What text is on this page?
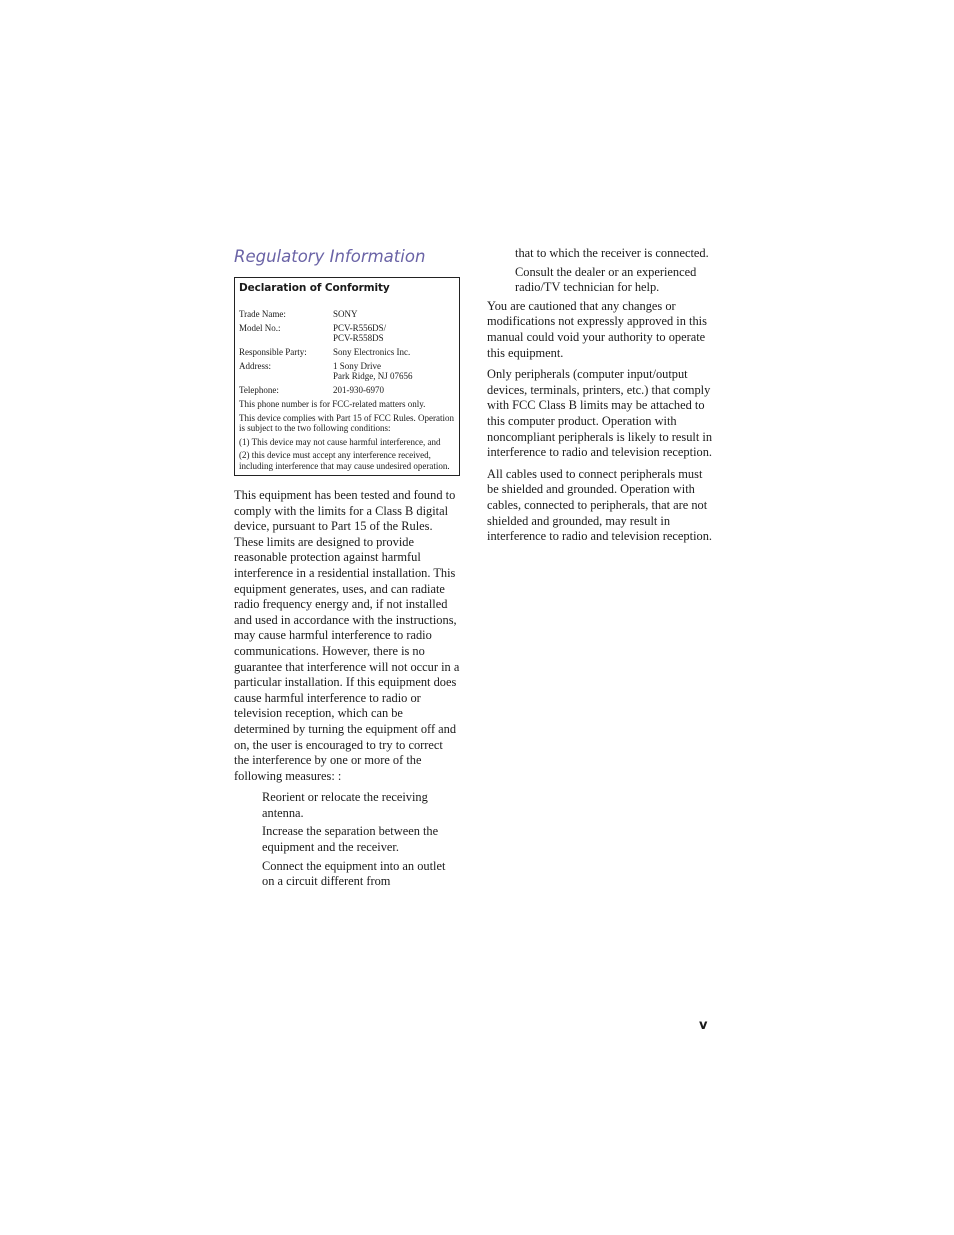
Regulatory Information
Declaration of Conformity
Trade Name:	SONY
Model No.:	PCV-R556DS/
PCV-R558DS
Responsible Party:	Sony Electronics Inc.
Address:	1 Sony Drive
Park Ridge, NJ 07656
Telephone:	201-930-6970
This phone number is for FCC-related matters only.
This device complies with Part 15 of FCC Rules. Operation is subject to the two following conditions:
(1) This device may not cause harmful interference, and
(2) this device must accept any interference received, including interference that may cause undesired operation.

This equipment has been tested and found to comply with the limits for a Class B digital device, pursuant to Part 15 of the Rules. These limits are designed to provide reasonable protection against harmful interference in a residential installation. This equipment generates, uses, and can radiate radio frequency energy and, if not installed and used in accordance with the instructions, may cause harmful interference to radio communications. However, there is no guarantee that interference will not occur in a particular installation. If this equipment does cause harmful interference to radio or television reception, which can be determined by turning the equipment off and on, the user is encouraged to try to correct the interference by one or more of the following measures: :

Reorient or relocate the receiving antenna.
Increase the separation between the equipment and the receiver.
Connect the equipment into an outlet on a circuit different from
that to which the receiver is connected.
Consult the dealer or an experienced radio/TV technician for help.

You are cautioned that any changes or modifications not expressly approved in this manual could void your authority to operate this equipment.

Only peripherals (computer input/output devices, terminals, printers, etc.) that comply with FCC Class B limits may be attached to this computer product. Operation with noncompliant peripherals is likely to result in interference to radio and television reception.

All cables used to connect peripherals must be shielded and grounded. Operation with cables, connected to peripherals, that are not shielded and grounded, may result in interference to radio and television reception.

v
